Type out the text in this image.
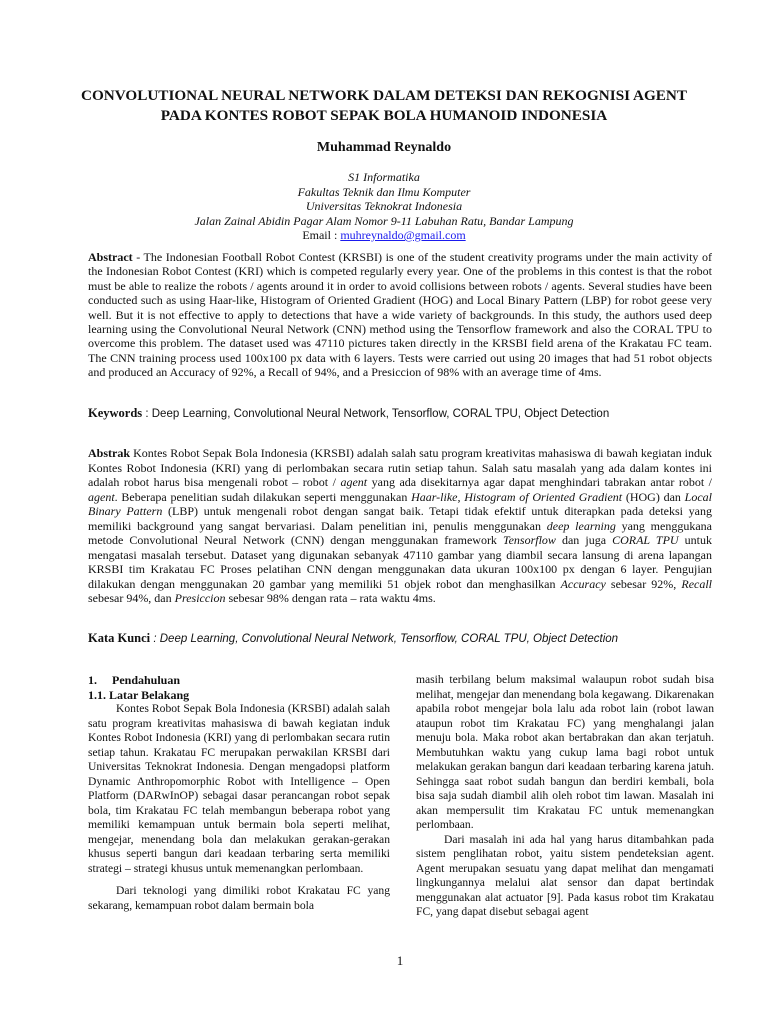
CONVOLUTIONAL NEURAL NETWORK DALAM DETEKSI DAN REKOGNISI AGENT
PADA KONTES ROBOT SEPAK BOLA HUMANOID INDONESIA
Muhammad Reynaldo
S1 Informatika
Fakultas Teknik dan Ilmu Komputer
Universitas Teknokrat Indonesia
Jalan Zainal Abidin Pagar Alam Nomor 9-11 Labuhan Ratu, Bandar Lampung
Email : muhreynaldo@gmail.com
Abstract - The Indonesian Football Robot Contest (KRSBI) is one of the student creativity programs under the main activity of the Indonesian Robot Contest (KRI) which is competed regularly every year. One of the problems in this contest is that the robot must be able to realize the robots / agents around it in order to avoid collisions between robots / agents. Several studies have been conducted such as using Haar-like, Histogram of Oriented Gradient (HOG) and Local Binary Pattern (LBP) for robot geese very well. But it is not effective to apply to detections that have a wide variety of backgrounds. In this study, the authors used deep learning using the Convolutional Neural Network (CNN) method using the Tensorflow framework and also the CORAL TPU to overcome this problem. The dataset used was 47110 pictures taken directly in the KRSBI field arena of the Krakatau FC team. The CNN training process used 100x100 px data with 6 layers. Tests were carried out using 20 images that had 51 robot objects and produced an Accuracy of 92%, a Recall of 94%, and a Presiccion of 98% with an average time of 4ms.
Keywords : Deep Learning, Convolutional Neural Network, Tensorflow, CORAL TPU, Object Detection
Abstrak Kontes Robot Sepak Bola Indonesia (KRSBI) adalah salah satu program kreativitas mahasiswa di bawah kegiatan induk Kontes Robot Indonesia (KRI) yang di perlombakan secara rutin setiap tahun. Salah satu masalah yang ada dalam kontes ini adalah robot harus bisa mengenali robot – robot / agent yang ada disekitarnya agar dapat menghindari tabrakan antar robot / agent. Beberapa penelitian sudah dilakukan seperti menggunakan Haar-like, Histogram of Oriented Gradient (HOG) dan Local Binary Pattern (LBP) untuk mengenali robot dengan sangat baik. Tetapi tidak efektif untuk diterapkan pada deteksi yang memiliki background yang sangat bervariasi. Dalam penelitian ini, penulis menggunakan deep learning yang menggukana metode Convolutional Neural Network (CNN) dengan menggunakan framework Tensorflow dan juga CORAL TPU untuk mengatasi masalah tersebut. Dataset yang digunakan sebanyak 47110 gambar yang diambil secara lansung di arena lapangan KRSBI tim Krakatau FC Proses pelatihan CNN dengan menggunakan data ukuran 100x100 px dengan 6 layer. Pengujian dilakukan dengan menggunakan 20 gambar yang memiliki 51 objek robot dan menghasilkan Accuracy sebesar 92%, Recall sebesar 94%, dan Presiccion sebesar 98% dengan rata – rata waktu 4ms.
Kata Kunci : Deep Learning, Convolutional Neural Network, Tensorflow, CORAL TPU, Object Detection
1.     Pendahuluan
1.1. Latar Belakang

Kontes Robot Sepak Bola Indonesia (KRSBI) adalah salah satu program kreativitas mahasiswa di bawah kegiatan induk Kontes Robot Indonesia (KRI) yang di perlombakan secara rutin setiap tahun. Krakatau FC merupakan perwakilan KRSBI dari Universitas Teknokrat Indonesia. Dengan mengadopsi platform Dynamic Anthropomorphic Robot with Intelligence – Open Platform (DARwInOP) sebagai dasar perancangan robot sepak bola, tim Krakatau FC telah membangun beberapa robot yang memiliki kemampuan untuk bermain bola seperti melihat, mengejar, menendang bola dan melakukan gerakan-gerakan khusus seperti bangun dari keadaan terbaring serta memiliki strategi – strategi khusus untuk memenangkan perlombaan.

Dari teknologi yang dimiliki robot Krakatau FC yang sekarang, kemampuan robot dalam bermain bola

masih terbilang belum maksimal walaupun robot sudah bisa melihat, mengejar dan menendang bola kegawang. Dikarenakan apabila robot mengejar bola lalu ada robot lain (robot lawan ataupun robot tim Krakatau FC) yang menghalangi jalan menuju bola. Maka robot akan bertabrakan dan akan terjatuh. Membutuhkan waktu yang cukup lama bagi robot untuk melakukan gerakan bangun dari keadaan terbaring karena jatuh. Sehingga saat robot sudah bangun dan berdiri kembali, bola bisa saja sudah diambil alih oleh robot tim lawan. Masalah ini akan mempersulit tim Krakatau FC untuk memenangkan perlombaan.

Dari masalah ini ada hal yang harus ditambahkan pada sistem penglihatan robot, yaitu sistem pendeteksian agent. Agent merupakan sesuatu yang dapat melihat dan mengamati lingkungannya melalui alat sensor dan dapat bertindak menggunakan alat actuator [9]. Pada kasus robot tim Krakatau FC, yang dapat disebut sebagai agent

1
